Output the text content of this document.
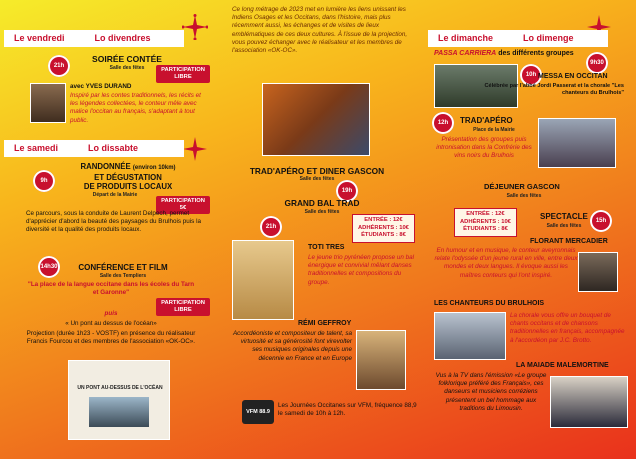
Le vendredi	Lo divendres
21h
SOIRÉE CONTÉE
Salle des fêtes	PARTICIPATION
LIBRE
avec YVES DURAND
Inspiré par les contes traditionnels, les récits et les légendes collectées, le conteur mêle avec malice l'occitan au français, s'adaptant à tout public.
Le samedi	Lo dissabte
9h
RANDONNÉE (environ 10km)
ET DÉGUSTATION
DE PRODUITS LOCAUX
Départ de la Mairie
PARTICIPATION
5€
Ce parcours, sous la conduite de Laurent Delpech, permet d'apprécier d'abord la beauté des paysages du Brulhois puis la diversité et la qualité des produits locaux.
14h30	CONFÉRENCE ET FILM
Salle des Templiers
"La place de la langue occitane dans les écoles du Tarn et Garonne"
PARTICIPATION
LIBRE
puis
« Un pont au dessus de l'océan»
Projection (durée 1h23 - VOSTF) en présence du réalisateur Francis Fourcou et des membres de l'association «OK-OC».
UN PONT AU-DESSUS DE L'OCÉAN
Ce long métrage de 2023 met en lumière les liens unissant les Indiens Osages et les Occitans, dans l'histoire, mais plus récemment aussi, les échanges et de visites de lieux emblématiques de ces deux cultures. À l'issue de la projection, vous pouvez échanger avec le réalisateur et les membres de l'association «OK-OC».
TRAD'APÉRO ET DINER GASCON
Salle des fêtes
19h
GRAND BAL TRAD
Salle des fêtes
21h
ENTRÉE : 12€
ADHÉRENTS : 10€
ÉTUDIANTS : 8€
TOTI TRES
Le jeune trio pyrénéen propose un bal énergique et convivial mêlant danses traditionnelles et compositions du groupe.
RÉMI GEFFROY
Accordéoniste et compositeur de talent, sa virtuosité et sa générosité font virevolter ses musiques originales depuis une décennie en France et en Europe
VFM 88.9
Les Journées Occitanes sur VFM, fréquence 88,9 le samedi de 10h à 12h.
Le dimanche	Lo dimenge
PASSA CARRIERA des différents groupes
9h30
10h MESSA EN OCCITAN
Célébrée par l'abbé Jordi Passerat et la chorale "Les chanteurs du Brulhois"
12h	TRAD'APÉRO
Place de la Mairie
Présentation des groupes puis intronisation dans la Confrérie des vins noirs du Brulhois
DÉJEUNER GASCON
Salle des fêtes
ENTRÉE : 12€
ADHÉRENTS : 10€
ÉTUDIANTS : 8€
SPECTACLE
Salle des fêtes
15h
FLORANT MERCADIER
En humour et en musique, le conteur aveyronnais relate l'odyssée d'un jeune rural en ville, entre deux mondes et deux langues. Il évoque aussi les maîtres conteurs qui l'ont inspiré.
LES CHANTEURS DU BRULHOIS
La chorale vous offre un bouquet de chants occitans et de chansons traditionnelles en français, accompagnée à l'accordéon par J.C. Brotto.
LA MAIADE MALEMORTINE
Vus à la TV dans l'émission «Le groupe folklorique préféré des Français», ces danseurs et musiciens corréziens présentent un bel hommage aux traditions du Limousin.
